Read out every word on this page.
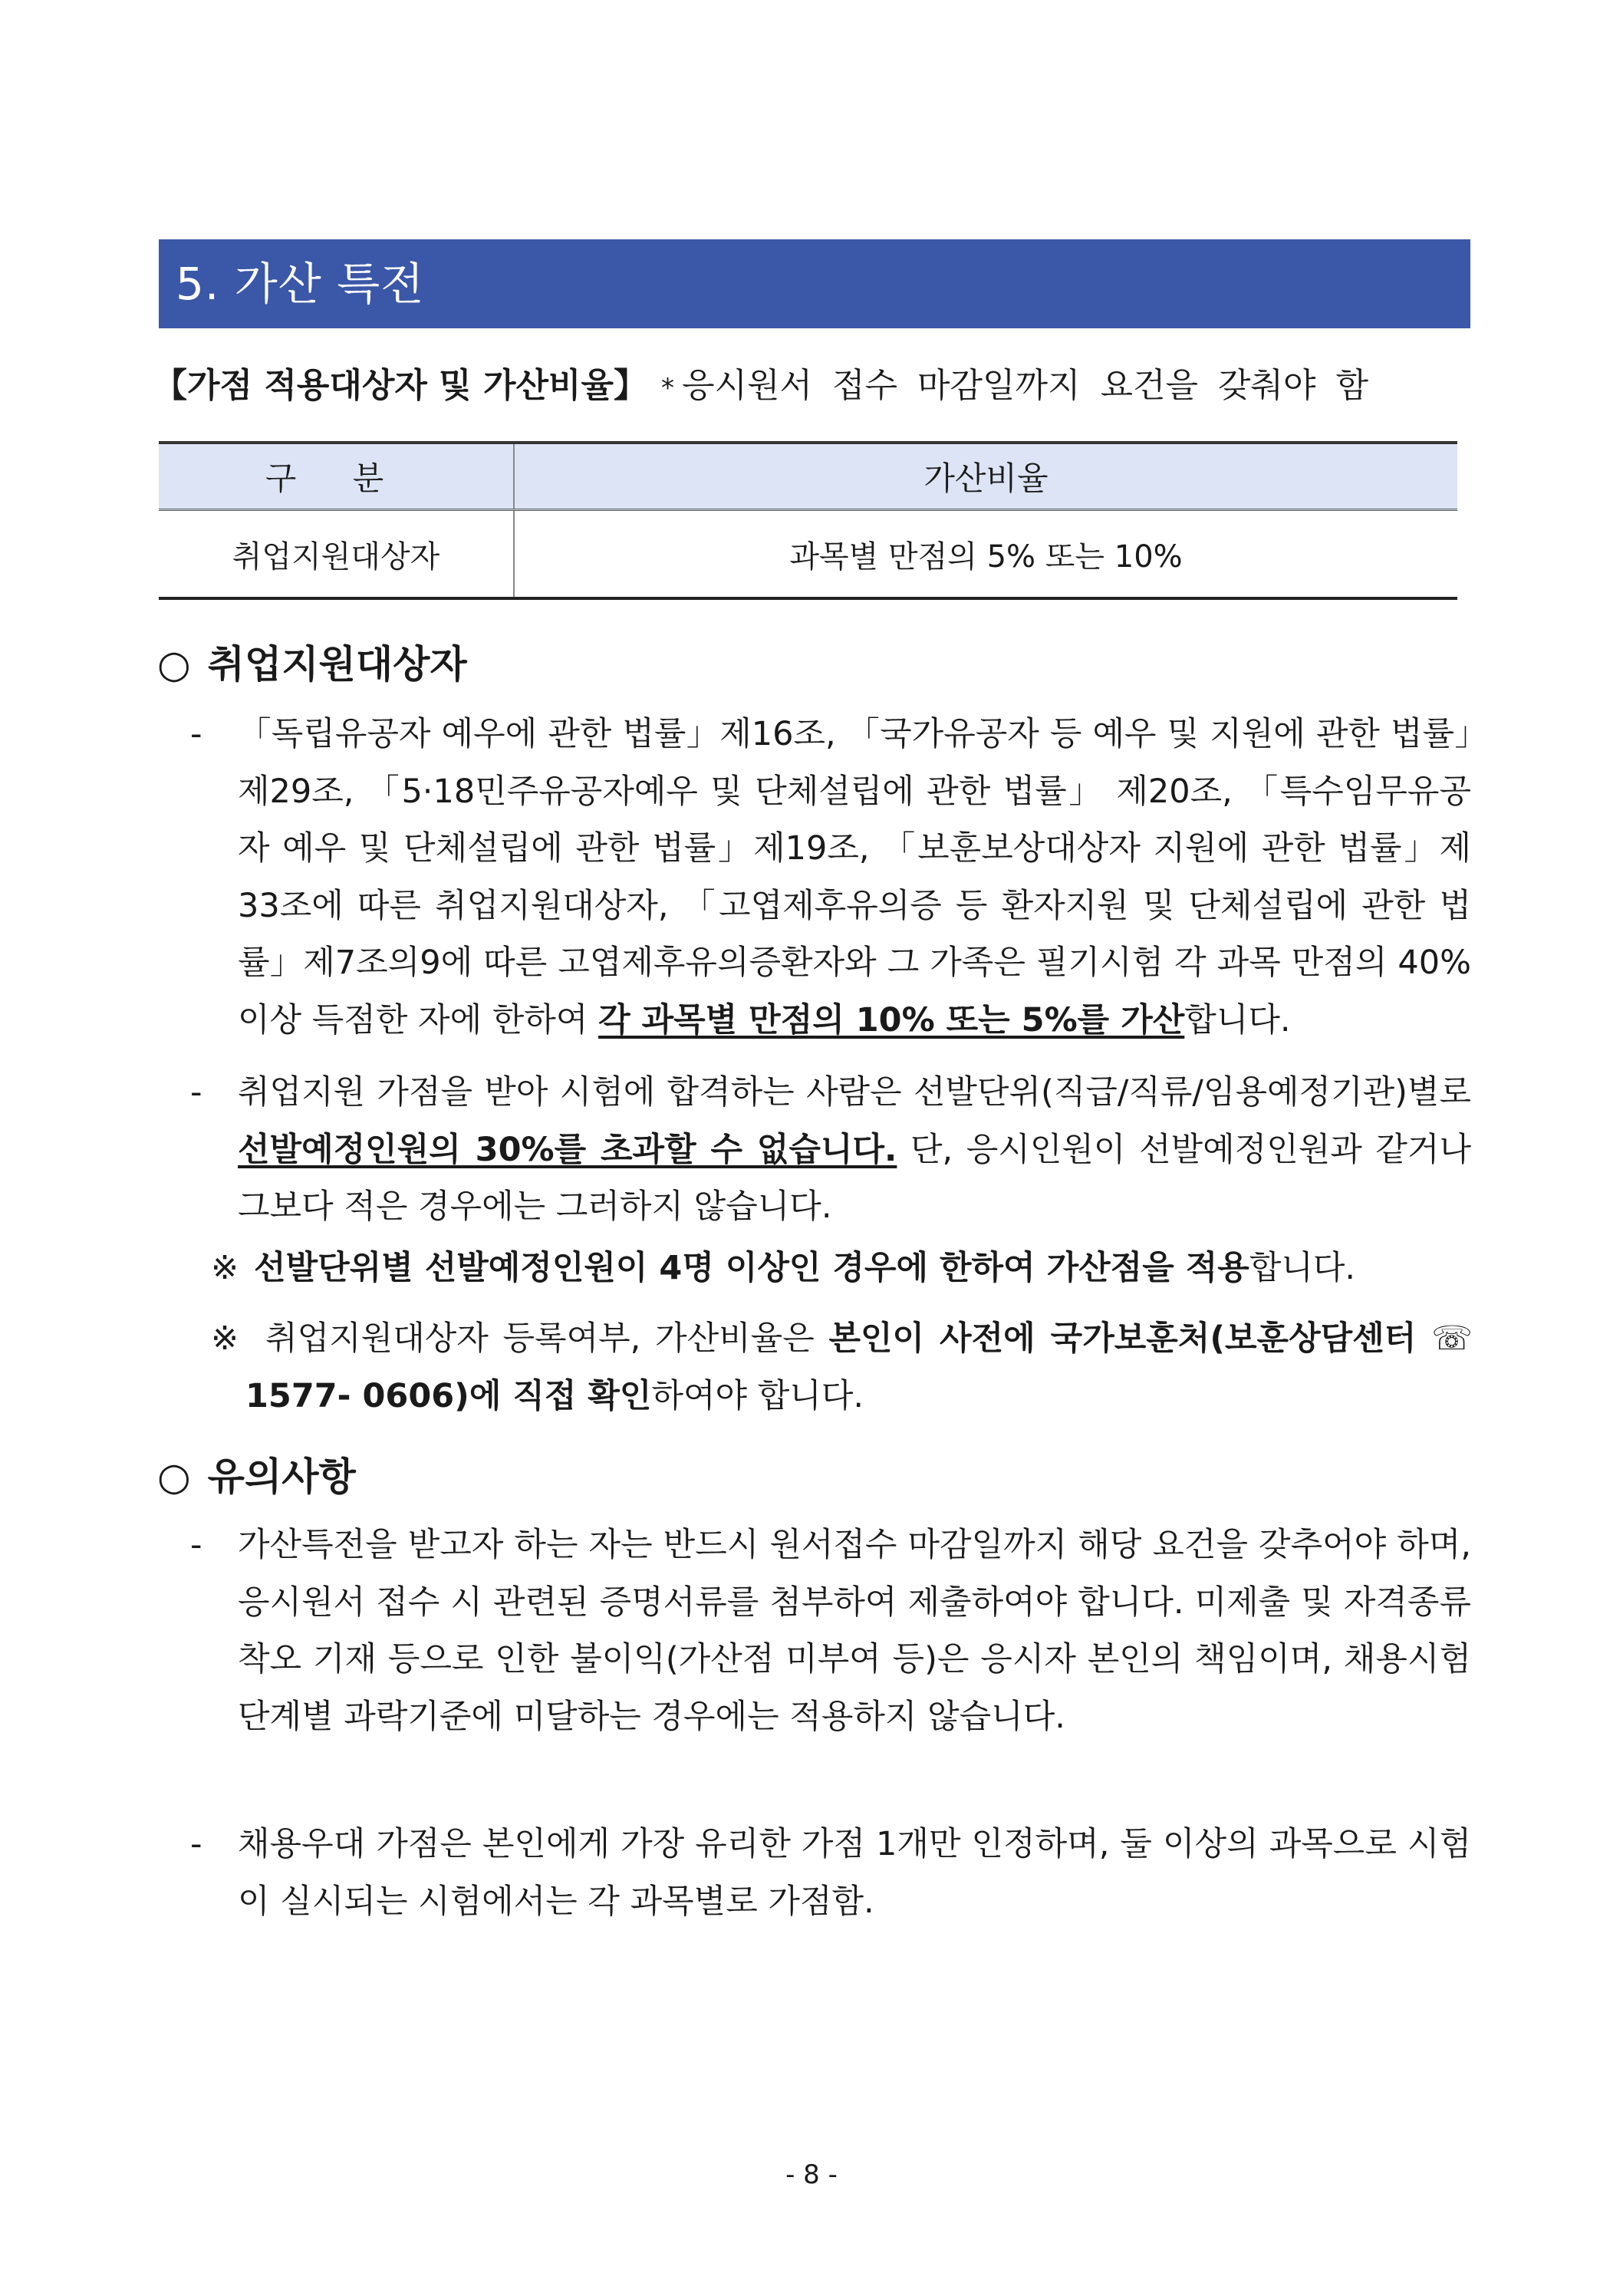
5. 가산 특전
【가점 적용대상자 및 가산비율】 * 응시원서 접수 마감일까지 요건을 갖춰야 함
구 분	가산비율
취업지원대상자	과목별 만점의 5% 또는 10%
○ 취업지원대상자
- 「독립유공자 예우에 관한 법률」제16조, 「국가유공자 등 예우 및 지원에 관한 법률」제29조, 「5⋅18민주유공자예우 및 단체설립에 관한 법률」 제20조, 「특수임무유공자 예우 및 단체설립에 관한 법률」제19조, 「보훈보상대상자 지원에 관한 법률」제33조에 따른 취업지원대상자, 「고엽제후유의증 등 환자지원 및 단체설립에 관한 법률」제7조의9에 따른 고엽제후유의증환자와 그 가족은 필기시험 각 과목 만점의 40% 이상 득점한 자에 한하여 각 과목별 만점의 10% 또는 5%를 가산합니다.
- 취업지원 가점을 받아 시험에 합격하는 사람은 선발단위(직급/직류/임용예정기관)별로 선발예정인원의 30%를 초과할 수 없습니다. 단, 응시인원이 선발예정인원과 같거나 그보다 적은 경우에는 그러하지 않습니다.
※ 선발단위별 선발예정인원이 4명 이상인 경우에 한하여 가산점을 적용합니다.
※ 취업지원대상자 등록여부, 가산비율은 본인이 사전에 국가보훈처(보훈상담센터 ☏ 1577- 0606)에 직접 확인하여야 합니다.
○ 유의사항
- 가산특전을 받고자 하는 자는 반드시 원서접수 마감일까지 해당 요건을 갖추어야 하며, 응시원서 접수 시 관련된 증명서류를 첨부하여 제출하여야 합니다. 미제출 및 자격종류 착오 기재 등으로 인한 불이익(가산점 미부여 등)은 응시자 본인의 책임이며, 채용시험 단계별 과락기준에 미달하는 경우에는 적용하지 않습니다.
- 채용우대 가점은 본인에게 가장 유리한 가점 1개만 인정하며, 둘 이상의 과목으로 시험이 실시되는 시험에서는 각 과목별로 가점함.
- 8 -
